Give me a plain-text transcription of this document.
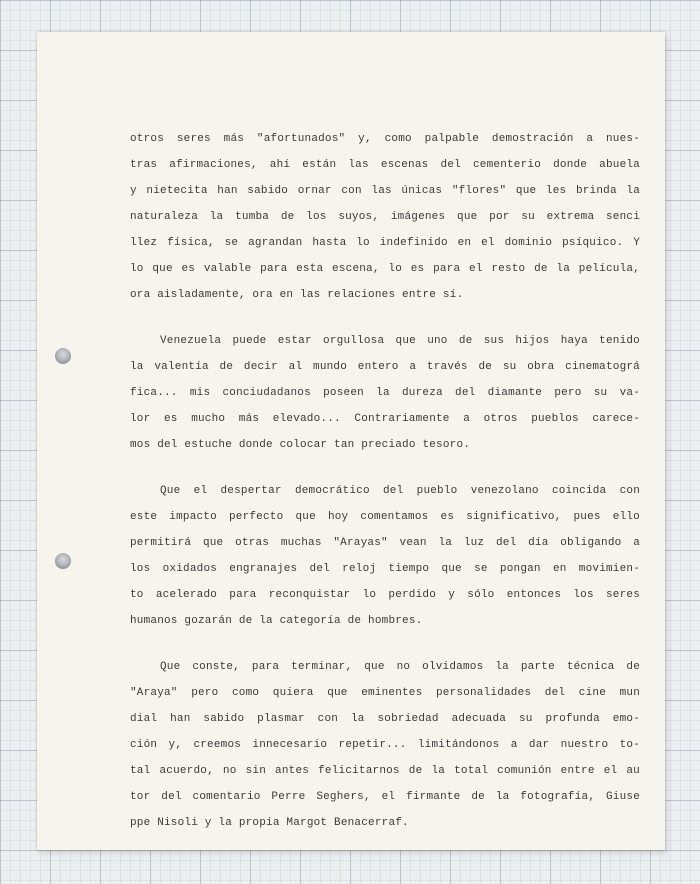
otros seres más "afortunados" y, como palpable demostración a nues-
tras afirmaciones, ahí están las escenas del cementerio donde abuela
y nietecita han sabido ornar con las únicas "flores" que les brinda la
naturaleza la tumba de los suyos, imágenes que por su extrema senci
llez física, se agrandan hasta lo indefinido en el dominio psíquico. Y
lo que es valable para esta escena, lo es para el resto de la película,
ora aisladamente, ora en las relaciones entre sí.
Venezuela puede estar orgullosa que uno de sus hijos haya tenido
la valentía de decir al mundo entero a través de su obra cinematográ
fica... mis conciudadanos poseen la dureza del diamante pero su va-
lor es mucho más elevado... Contrariamente a otros pueblos carece-
mos del estuche donde colocar tan preciado tesoro.
Que el despertar democrático del pueblo venezolano coincida con
este impacto perfecto que hoy comentamos es significativo, pues ello
permitirá que otras muchas "Arayas" vean la luz del día obligando a
los oxidados engranajes del reloj tiempo que se pongan en movimien-
to acelerado para reconquistar lo perdido y sólo entonces los seres
humanos gozarán de la categoría de hombres.
Que conste, para terminar, que no olvidamos la parte técnica de
"Araya" pero como quiera que eminentes personalidades del cine mun
dial han sabido plasmar con la sobriedad adecuada su profunda emo-
ción y, creemos innecesario repetir... limitándonos a dar nuestro to-
tal acuerdo, no sin antes felicitarnos de la total comunión entre el au
tor del comentario Perre Seghers, el firmante de la fotografía, Giuse
ppe Nisoli y la propia Margot Benacerraf.
